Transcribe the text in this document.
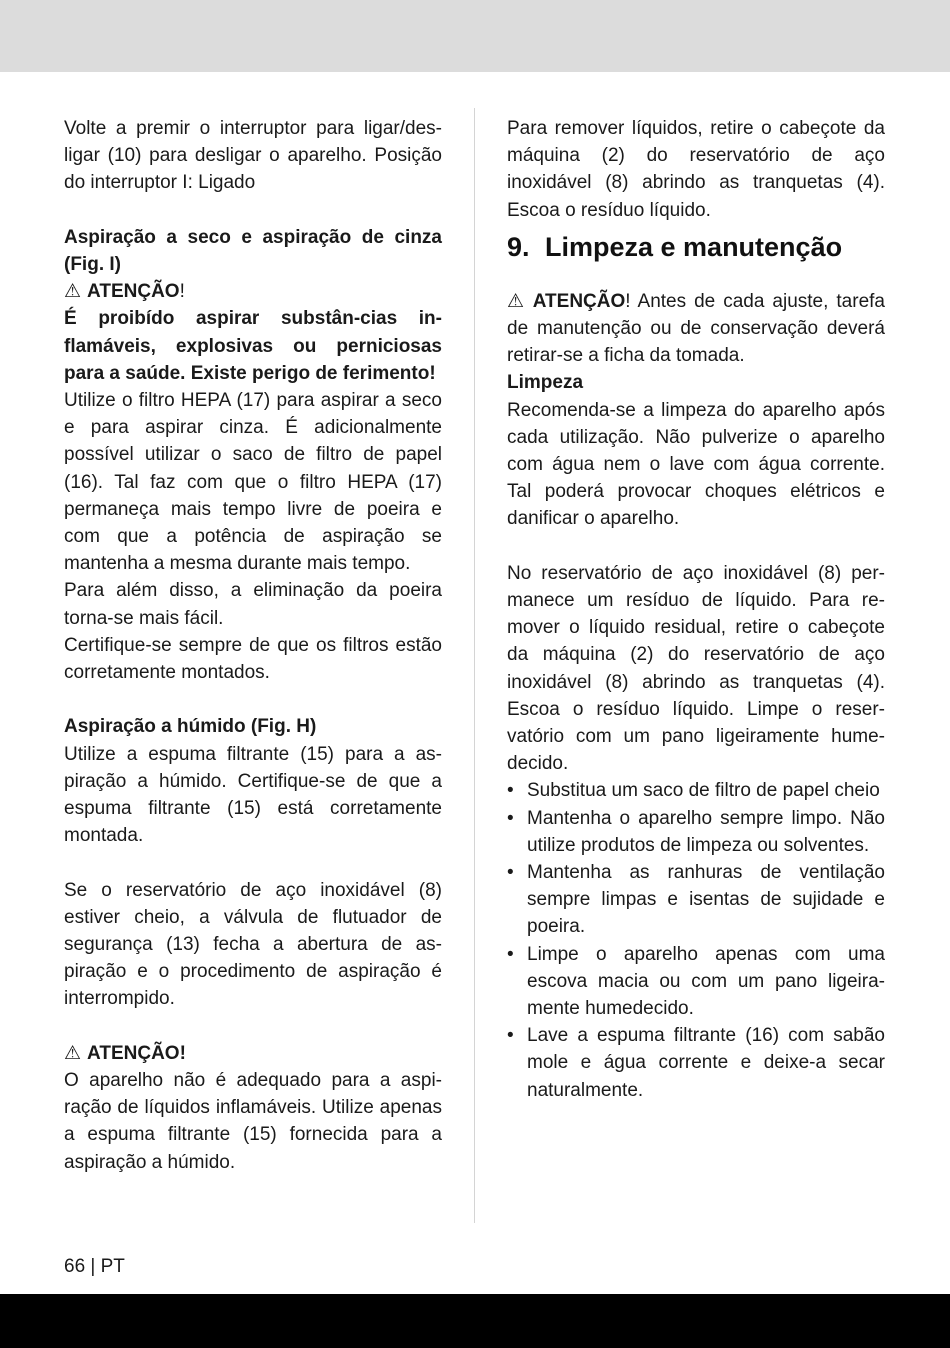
Volte a premir o interruptor para ligar/desligar (10) para desligar o aparelho. Posição do interruptor I: Ligado

Aspiração a seco e aspiração de cinza (Fig. I)

⚠ ATENÇÃO!

É proibído aspirar substân-cias inflamáveis, explosivas ou perniciosas para a saúde. Existe perigo de ferimento!

Utilize o filtro HEPA (17) para aspirar a seco e para aspirar cinza. É adicionalmente possível utilizar o saco de filtro de papel (16). Tal faz com que o filtro HEPA (17) permaneça mais tempo livre de poeira e com que a potência de aspiração se mantenha a mesma durante mais tempo.

Para além disso, a eliminação da poeira torna-se mais fácil.

Certifique-se sempre de que os filtros estão corretamente montados.

Aspiração a húmido (Fig. H)

Utilize a espuma filtrante (15) para a aspiração a húmido. Certifique-se de que a espuma filtrante (15) está corretamente montada.

Se o reservatório de aço inoxidável (8) estiver cheio, a válvula de flutuador de segurança (13) fecha a abertura de aspiração e o procedimento de aspiração é interrompido.

⚠ ATENÇÃO!

O aparelho não é adequado para a aspiração de líquidos inflamáveis. Utilize apenas a espuma filtrante (15) fornecida para a aspiração a húmido.

Para remover líquidos, retire o cabeçote da máquina (2) do reservatório de aço inoxidável (8) abrindo as tranquetas (4). Escoa o resíduo líquido.

9. Limpeza e manutenção

⚠ ATENÇÃO! Antes de cada ajuste, tarefa de manutenção ou de conservação deverá retirar-se a ficha da tomada.

Limpeza

Recomenda-se a limpeza do aparelho após cada utilização. Não pulverize o aparelho com água nem o lave com água corrente. Tal poderá provocar choques elétricos e danificar o aparelho.

No reservatório de aço inoxidável (8) permanece um resíduo de líquido. Para remover o líquido residual, retire o cabeçote da máquina (2) do reservatório de aço inoxidável (8) abrindo as tranquetas (4). Escoa o resíduo líquido. Limpe o reservatório com um pano ligeiramente humedecido.

• Substitua um saco de filtro de papel cheio
• Mantenha o aparelho sempre limpo. Não utilize produtos de limpeza ou solventes.
• Mantenha as ranhuras de ventilação sempre limpas e isentas de sujidade e poeira.
• Limpe o aparelho apenas com uma escova macia ou com um pano ligeiramente humedecido.
• Lave a espuma filtrante (16) com sabão mole e água corrente e deixe-a secar naturalmente.
66 | PT
